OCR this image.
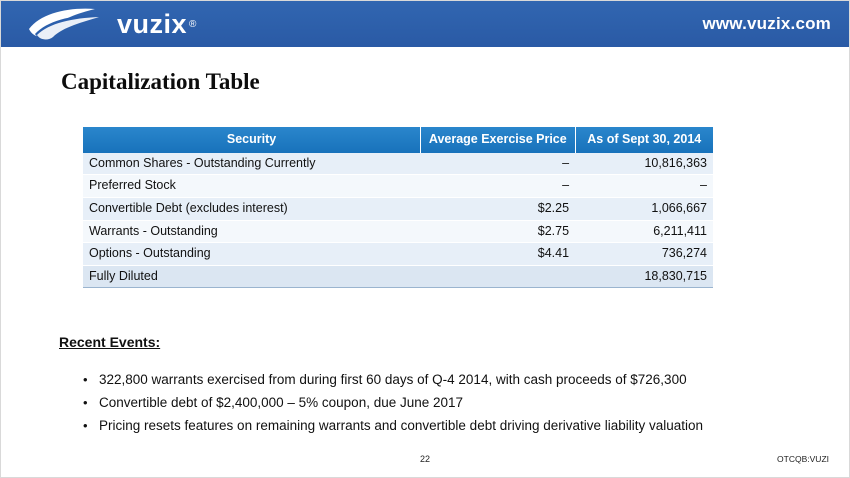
vuzix ®	www.vuzix.com
Capitalization Table
Security	Average Exercise Price	As of Sept 30, 2014
Common Shares - Outstanding Currently	–	10,816,363
Preferred Stock	–	–
Convertible Debt (excludes interest)	$2.25	1,066,667
Warrants - Outstanding	$2.75	6,211,411
Options - Outstanding	$4.41	736,274
Fully Diluted		18,830,715
Recent Events:
• 322,800 warrants exercised from during first 60 days of Q-4 2014, with cash proceeds of $726,300
• Convertible debt of $2,400,000 – 5% coupon, due June 2017
• Pricing resets features on remaining warrants and convertible debt driving derivative liability valuation
22	OTCQB:VUZI
